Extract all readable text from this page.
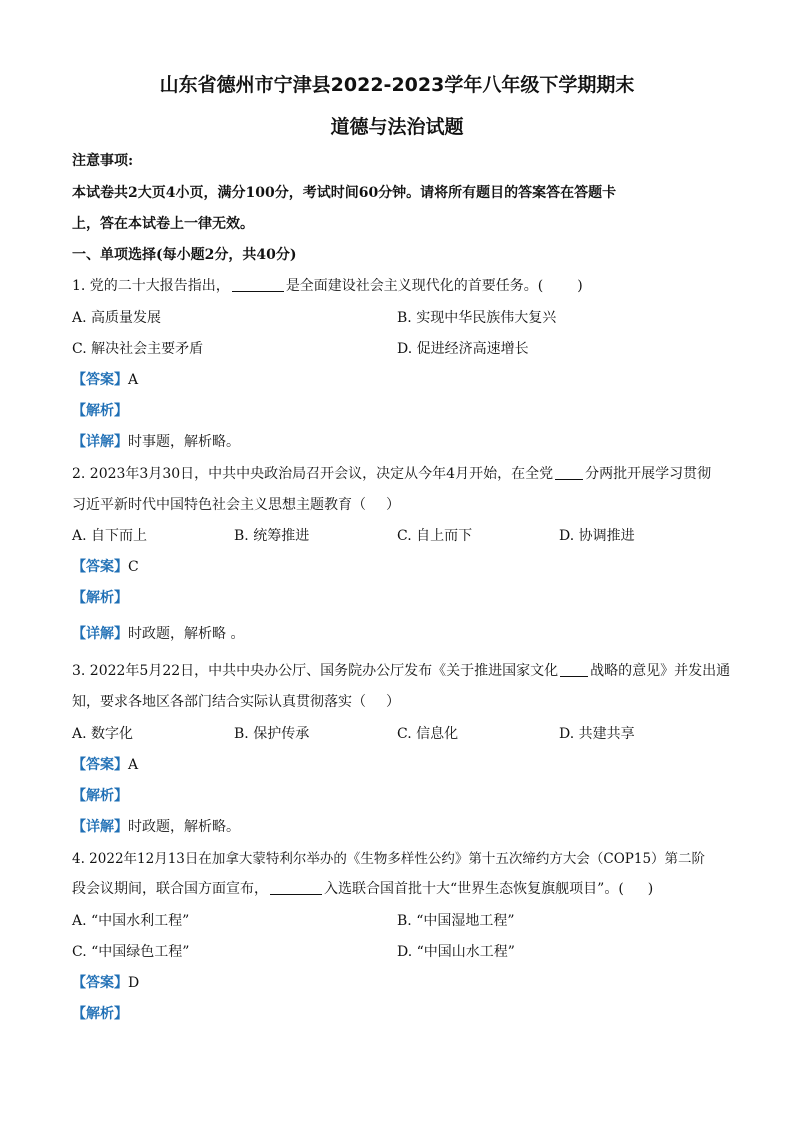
山东省德州市宁津县2022-2023学年八年级下学期期末
道德与法治试题
注意事项:
本试卷共2大页4小页，满分100分，考试时间60分钟。请将所有题目的答案答在答题卡
上，答在本试卷上一律无效。
一、单项选择(每小题2分，共40分)
1. 党的二十大报告指出，	是全面建设社会主义现代化的首要任务。( )
A. 高质量发展	B. 实现中华民族伟大复兴
C. 解决社会主要矛盾	D. 促进经济高速增长
【答案】A
【解析】
【详解】时事题，解析略。
2. 2023年3月30日，中共中央政治局召开会议，决定从今年4月开始，在全党 分两批开展学习贯彻
习近平新时代中国特色社会主义思想主题教育（ ）
A. 自下而上	B. 统筹推进	C. 自上而下	D. 协调推进
【答案】C
【解析】
【详解】时政题，解析略 。
3. 2022年5月22日，中共中央办公厅、国务院办公厅发布《关于推进国家文化 战略的意见》并发出通
知，要求各地区各部门结合实际认真贯彻落实（ ）
A. 数字化	B. 保护传承	C. 信息化	D. 共建共享
【答案】A
【解析】
【详解】时政题，解析略。
4. 2022年12月13日在加拿大蒙特利尔举办的《生物多样性公约》第十五次缔约方大会（COP15）第二阶
段会议期间，联合国方面宣布，	入选联合国首批十大“世界生态恢复旗舰项目”。( )
A. “中国水利工程”	B. “中国湿地工程”
C. “中国绿色工程”	D. “中国山水工程”
【答案】D
【解析】
